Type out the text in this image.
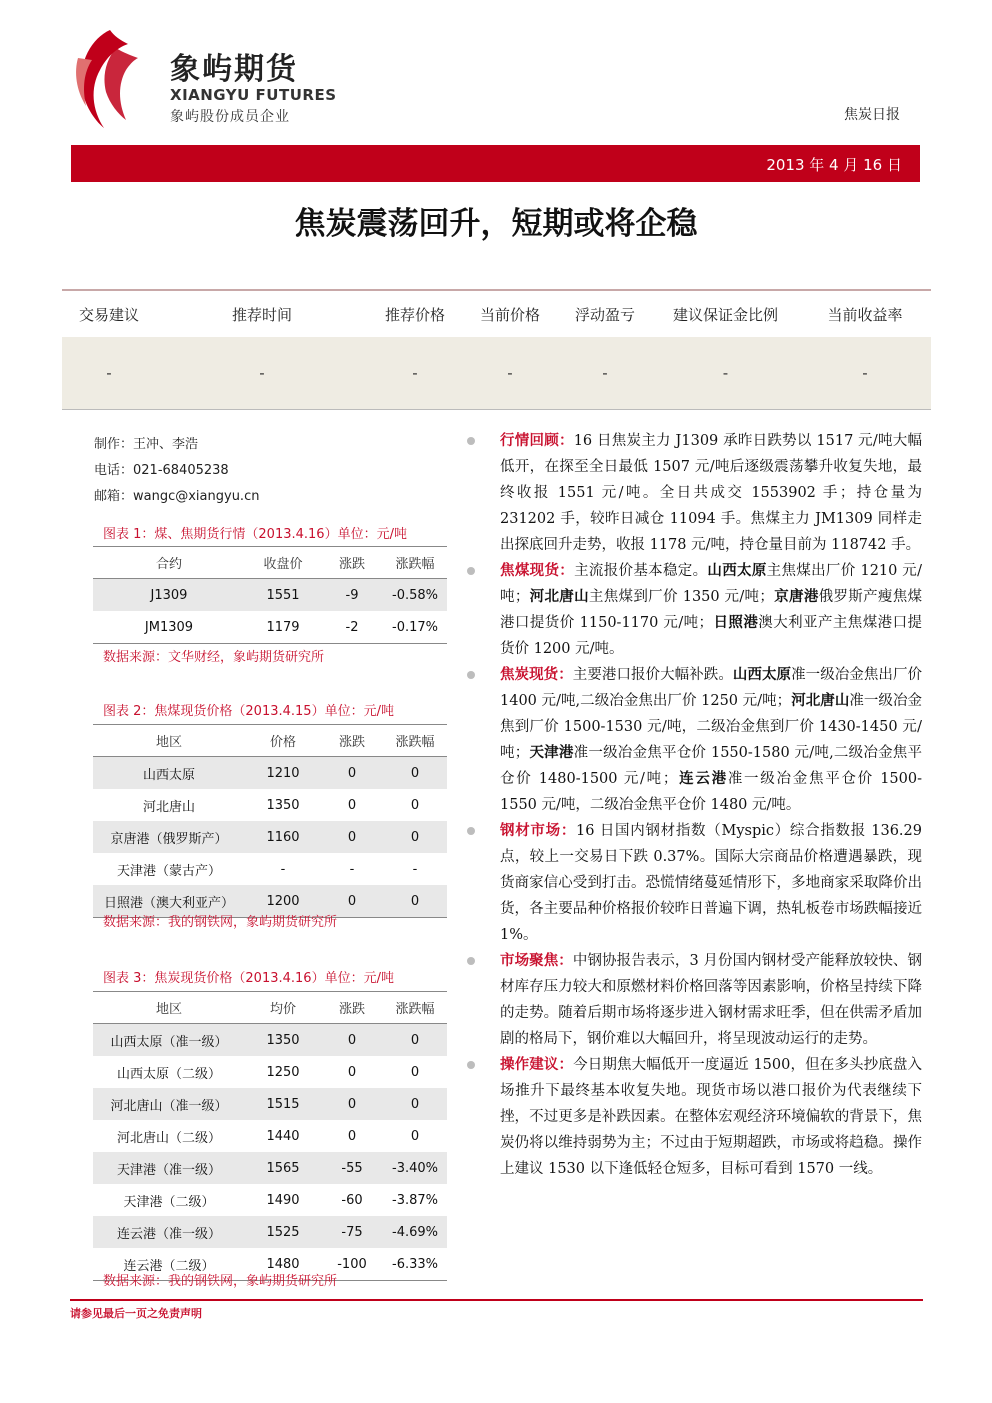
象屿期货
XIANGYU FUTURES
象屿股份成员企业	焦炭日报
2013 年 4 月 16 日
焦炭震荡回升，短期或将企稳
交易建议	推荐时间	推荐价格	当前价格	浮动盈亏	建议保证金比例	当前收益率
-	-	-	-	-	-	-
制作：王冲、李浩
电话：021-68405238
邮箱：wangc@xiangyu.cn
图表 1：煤、焦期货行情（2013.4.16）单位：元/吨
合约	收盘价	涨跌	涨跌幅
J1309	1551	-9	-0.58%
JM1309	1179	-2	-0.17%
数据来源：文华财经，象屿期货研究所
图表 2：焦煤现货价格（2013.4.15）单位：元/吨
地区	价格	涨跌	涨跌幅
山西太原	1210	0	0
河北唐山	1350	0	0
京唐港（俄罗斯产）	1160	0	0
天津港（蒙古产）	-	-	-
日照港（澳大利亚产）	1200	0	0
数据来源：我的钢铁网，象屿期货研究所
图表 3：焦炭现货价格（2013.4.16）单位：元/吨
地区	均价	涨跌	涨跌幅
山西太原（准一级）	1350	0	0
山西太原（二级）	1250	0	0
河北唐山（准一级）	1515	0	0
河北唐山（二级）	1440	0	0
天津港（准一级）	1565	-55	-3.40%
天津港（二级）	1490	-60	-3.87%
连云港（准一级）	1525	-75	-4.69%
连云港（二级）	1480	-100	-6.33%
数据来源：我的钢铁网，象屿期货研究所
行情回顾：16 日焦炭主力 J1309 承昨日跌势以 1517 元/吨大幅低开，在探至全日最低 1507 元/吨后逐级震荡攀升收复失地，最终收报 1551 元/吨。全日共成交 1553902 手；持仓量为 231202 手，较昨日减仓 11094 手。焦煤主力 JM1309 同样走出探底回升走势，收报 1178 元/吨，持仓量目前为 118742 手。
焦煤现货：主流报价基本稳定。山西太原主焦煤出厂价 1210 元/吨；河北唐山主焦煤到厂价 1350 元/吨；京唐港俄罗斯产瘦焦煤港口提货价 1150-1170 元/吨；日照港澳大利亚产主焦煤港口提货价 1200 元/吨。
焦炭现货：主要港口报价大幅补跌。山西太原准一级冶金焦出厂价 1400 元/吨,二级冶金焦出厂价 1250 元/吨；河北唐山准一级冶金焦到厂价 1500-1530 元/吨，二级冶金焦到厂价 1430-1450 元/吨；天津港准一级冶金焦平仓价 1550-1580 元/吨,二级冶金焦平仓价 1480-1500 元/吨；连云港准一级冶金焦平仓价 1500-1550 元/吨，二级冶金焦平仓价 1480 元/吨。
钢材市场：16 日国内钢材指数（Myspic）综合指数报 136.29 点，较上一交易日下跌 0.37%。国际大宗商品价格遭遇暴跌，现货商家信心受到打击。恐慌情绪蔓延情形下，多地商家采取降价出货，各主要品种价格报价较昨日普遍下调，热轧板卷市场跌幅接近 1%。
市场聚焦：中钢协报告表示，3 月份国内钢材受产能释放较快、钢材库存压力较大和原燃材料价格回落等因素影响，价格呈持续下降的走势。随着后期市场将逐步进入钢材需求旺季，但在供需矛盾加剧的格局下，钢价难以大幅回升，将呈现波动运行的走势。
操作建议：今日期焦大幅低开一度逼近 1500，但在多头抄底盘入场推升下最终基本收复失地。现货市场以港口报价为代表继续下挫，不过更多是补跌因素。在整体宏观经济环境偏软的背景下，焦炭仍将以维持弱势为主；不过由于短期超跌，市场或将趋稳。操作上建议 1530 以下逢低轻仓短多，目标可看到 1570 一线。
请参见最后一页之免责声明
